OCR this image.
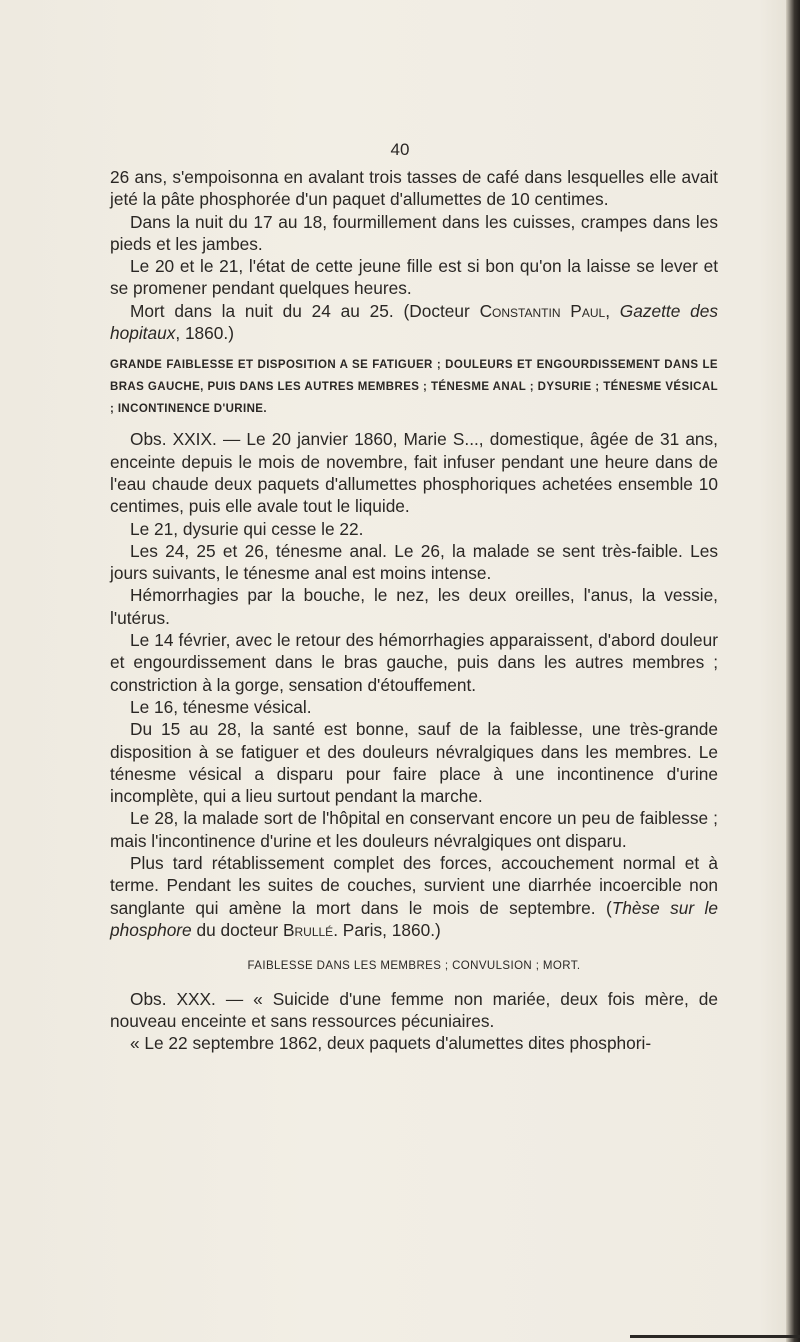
40

26 ans, s'empoisonna en avalant trois tasses de café dans lesquelles elle avait jeté la pâte phosphorée d'un paquet d'allumettes de 10 centimes.

Dans la nuit du 17 au 18, fourmillement dans les cuisses, crampes dans les pieds et les jambes.

Le 20 et le 21, l'état de cette jeune fille est si bon qu'on la laisse se lever et se promener pendant quelques heures.

Mort dans la nuit du 24 au 25. (Docteur Constantin Paul, Gazette des hopitaux, 1860.)

GRANDE FAIBLESSE ET DISPOSITION A SE FATIGUER ; DOULEURS ET ENGOURDISSEMENT DANS LE BRAS GAUCHE, PUIS DANS LES AUTRES MEMBRES ; TÉNESME ANAL ; DYSURIE ; TÉNESME VÉSICAL ; INCONTINENCE D'URINE.

Obs. XXIX. — Le 20 janvier 1860, Marie S..., domestique, âgée de 31 ans, enceinte depuis le mois de novembre, fait infuser pendant une heure dans de l'eau chaude deux paquets d'allumettes phosphoriques achetées ensemble 10 centimes, puis elle avale tout le liquide.

Le 21, dysurie qui cesse le 22.

Les 24, 25 et 26, ténesme anal. Le 26, la malade se sent très-faible. Les jours suivants, le ténesme anal est moins intense.

Hémorrhagies par la bouche, le nez, les deux oreilles, l'anus, la vessie, l'utérus.

Le 14 février, avec le retour des hémorrhagies apparaissent, d'abord douleur et engourdissement dans le bras gauche, puis dans les autres membres ; constriction à la gorge, sensation d'étouffement.

Le 16, ténesme vésical.

Du 15 au 28, la santé est bonne, sauf de la faiblesse, une très-grande disposition à se fatiguer et des douleurs névralgiques dans les membres. Le ténesme vésical a disparu pour faire place à une incontinence d'urine incomplète, qui a lieu surtout pendant la marche.

Le 28, la malade sort de l'hôpital en conservant encore un peu de faiblesse ; mais l'incontinence d'urine et les douleurs névralgiques ont disparu.

Plus tard rétablissement complet des forces, accouchement normal et à terme. Pendant les suites de couches, survient une diarrhée incoercible non sanglante qui amène la mort dans le mois de septembre. (Thèse sur le phosphore du docteur Brullé. Paris, 1860.)

FAIBLESSE DANS LES MEMBRES ; CONVULSION ; MORT.

Obs. XXX. — « Suicide d'une femme non mariée, deux fois mère, de nouveau enceinte et sans ressources pécuniaires.

« Le 22 septembre 1862, deux paquets d'alumettes dites phosphori-
